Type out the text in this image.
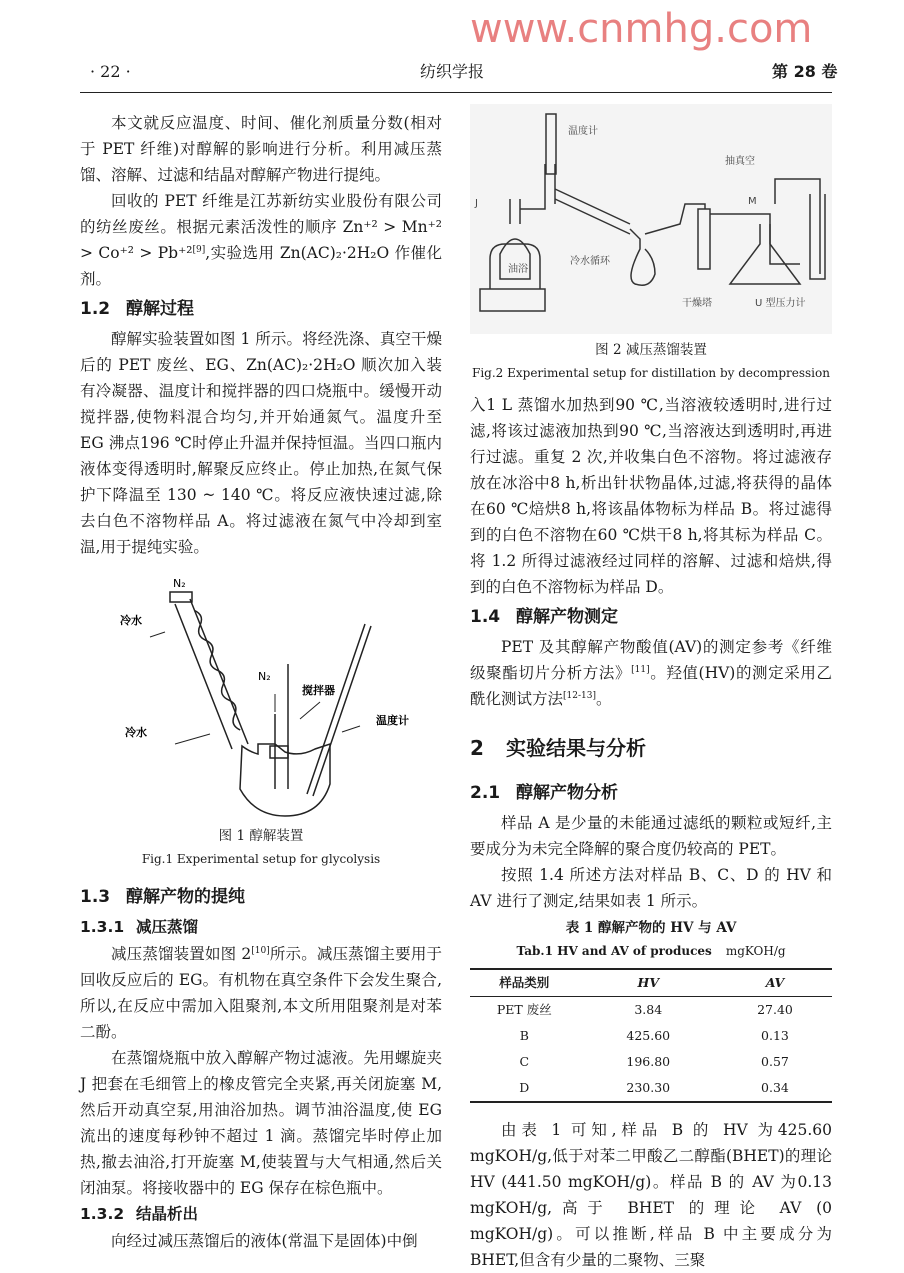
www.cnmhg.com
· 22 ·	纺织学报	第 28 卷

本文就反应温度、时间、催化剂质量分数(相对于 PET 纤维)对醇解的影响进行分析。利用减压蒸馏、溶解、过滤和结晶对醇解产物进行提纯。

回收的 PET 纤维是江苏新纺实业股份有限公司的纺丝废丝。根据元素活泼性的顺序 Zn⁺² > Mn⁺² > Co⁺² > Pb⁺²[9],实验选用 Zn(AC)₂·2H₂O 作催化剂。

1.2 醇解过程

醇解实验装置如图 1 所示。将经洗涤、真空干燥后的 PET 废丝、EG、Zn(AC)₂·2H₂O 顺次加入装有冷凝器、温度计和搅拌器的四口烧瓶中。缓慢开动搅拌器,使物料混合均匀,并开始通氮气。温度升至 EG 沸点196 ℃时停止升温并保持恒温。当四口瓶内液体变得透明时,解聚反应终止。停止加热,在氮气保护下降温至 130 ~ 140 ℃。将反应液快速过滤,除去白色不溶物样品 A。将过滤液在氮气中冷却到室温,用于提纯实验。

N₂
冷水
冷水
N₂
搅拌器
温度计
图 1 醇解装置
Fig.1 Experimental setup for glycolysis

1.3 醇解产物的提纯

1.3.1 减压蒸馏

减压蒸馏装置如图 2[10]所示。减压蒸馏主要用于回收反应后的 EG。有机物在真空条件下会发生聚合,所以,在反应中需加入阻聚剂,本文所用阻聚剂是对苯二酚。

在蒸馏烧瓶中放入醇解产物过滤液。先用螺旋夹 J 把套在毛细管上的橡皮管完全夹紧,再关闭旋塞 M,然后开动真空泵,用油浴加热。调节油浴温度,使 EG 流出的速度每秒钟不超过 1 滴。蒸馏完毕时停止加热,撤去油浴,打开旋塞 M,使装置与大气相通,然后关闭油泵。将接收器中的 EG 保存在棕色瓶中。

1.3.2 结晶析出

向经过减压蒸馏后的液体(常温下是固体)中倒

温度计
抽真空
M
J
油浴
冷水循环
干燥塔	U 型压力计
图 2 减压蒸馏装置
Fig.2 Experimental setup for distillation by decompression

入1 L 蒸馏水加热到90 ℃,当溶液较透明时,进行过滤,将该过滤液加热到90 ℃,当溶液达到透明时,再进行过滤。重复 2 次,并收集白色不溶物。将过滤液存放在冰浴中8 h,析出针状物晶体,过滤,将获得的晶体在60 ℃焙烘8 h,将该晶体物标为样品 B。将过滤得到的白色不溶物在60 ℃烘干8 h,将其标为样品 C。将 1.2 所得过滤液经过同样的溶解、过滤和焙烘,得到的白色不溶物标为样品 D。

1.4 醇解产物测定

PET 及其醇解产物酸值(AV)的测定参考《纤维级聚酯切片分析方法》[11]。羟值(HV)的测定采用乙酰化测试方法[12-13]。

2 实验结果与分析

2.1 醇解产物分析

样品 A 是少量的未能通过滤纸的颗粒或短纤,主要成分为未完全降解的聚合度仍较高的 PET。

按照 1.4 所述方法对样品 B、C、D 的 HV 和 AV 进行了测定,结果如表 1 所示。

表 1 醇解产物的 HV 与 AV
Tab.1 HV and AV of produces mgKOH/g
样品类别	HV	AV
PET 废丝	3.84	27.40
B	425.60	0.13
C	196.80	0.57
D	230.30	0.34

由表 1 可知,样品 B 的 HV 为425.60 mgKOH/g,低于对苯二甲酸乙二醇酯(BHET)的理论 HV (441.50 mgKOH/g)。样品 B 的 AV 为0.13 mgKOH/g,高于 BHET 的理论 AV (0 mgKOH/g)。可以推断,样品 B 中主要成分为 BHET,但含有少量的二聚物、三聚
